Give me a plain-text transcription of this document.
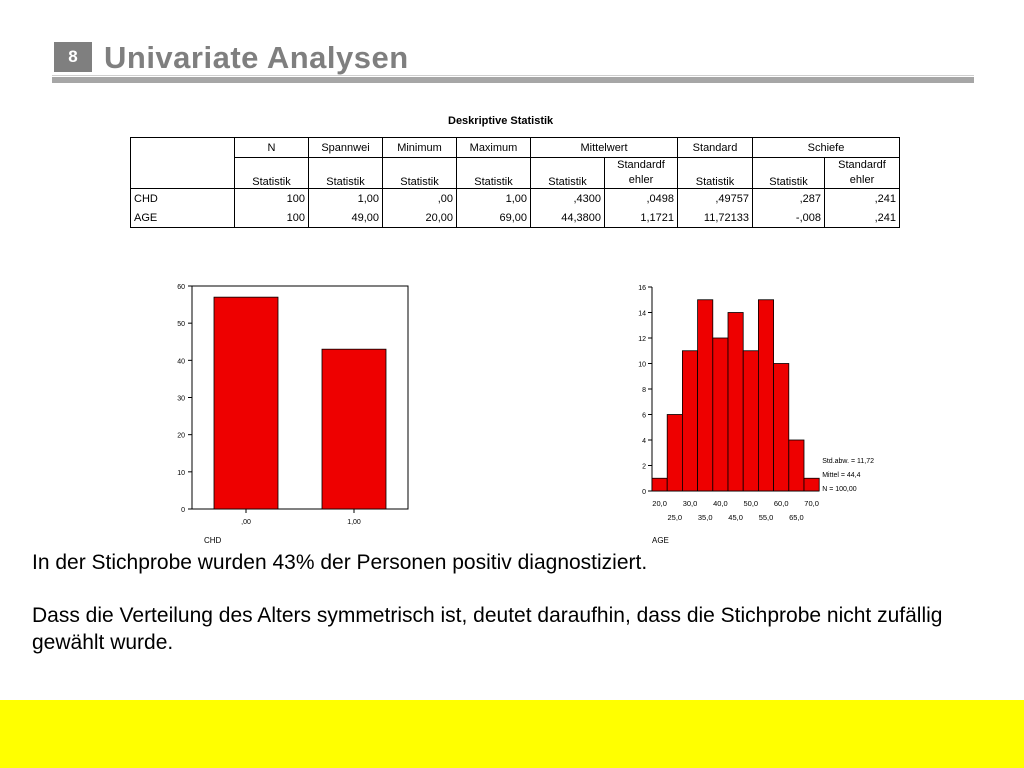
8 Univariate Analysen
Deskriptive Statistik
	N	Spannwei	Minimum	Maximum	Mittelwert		Standard	Schiefe	
	Statistik	Statistik	Statistik	Statistik	Statistik	Standardf ehler	Statistik	Statistik	Standardf ehler
CHD	100	1,00	,00	1,00	,4300	,0498	,49757	,287	,241
AGE	100	49,00	20,00	69,00	44,3800	1,1721	11,72133	-,008	,241
0
10
20
30
40
50
60
,00	1,00
CHD
0
2
4
6
8
10
12
14
16
20,0 30,0 40,0 50,0 60,0 70,0
25,0 35,0 45,0 55,0 65,0
Std.abw. = 11,72
Mittel = 44,4
N = 100,00
AGE

In der Stichprobe wurden 43% der Personen positiv diagnostiziert.

Dass die Verteilung des Alters symmetrisch ist, deutet daraufhin, dass die Stichprobe nicht zufällig gewählt wurde.
